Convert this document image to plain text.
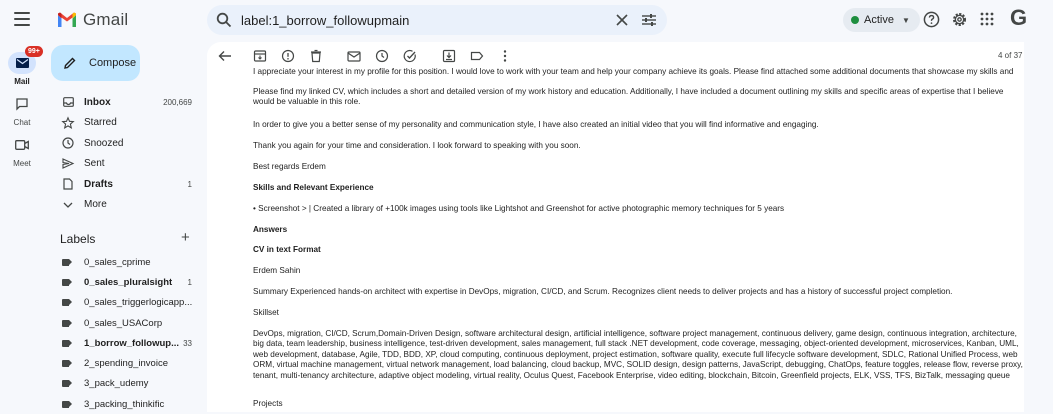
Gmail
label:1_borrow_followupmain	Active ▼	G
99+
Mail
Chat
Meet
Compose
Inbox	200,669
Starred
Snoozed
Sent
Drafts	1
More
Labels	+
0_sales_cprime
0_sales_pluralsight 1
0_sales_triggerlogicapp...
0_sales_USACorp
1_borrow_followup... 33
2_spending_invoice
3_pack_udemy
3_packing_thinkific
4 of 37

I appreciate your interest in my profile for this position. I would love to work with your team and help your company achieve its goals. Please find attached some additional documents that showcase my skills and

Please find my linked CV, which includes a short and detailed version of my work history and education. Additionally, I have included a document outlining my skills and specific areas of expertise that I believe would be valuable in this role.

In order to give you a better sense of my personality and communication style, I have also created an initial video that you will find informative and engaging.

Thank you again for your time and consideration. I look forward to speaking with you soon.

Best regards Erdem

Skills and Relevant Experience

• Screenshot > | Created a library of +100k images using tools like Lightshot and Greenshot for active photographic memory techniques for 5 years

Answers

CV in text Format

Erdem Sahin

Summary Experienced hands-on architect with expertise in DevOps, migration, CI/CD, and Scrum. Recognizes client needs to deliver projects and has a history of successful project completion.

Skillset

DevOps, migration, CI/CD, Scrum,Domain-Driven Design, software architectural design, artificial intelligence, software project management, continuous delivery, game design, continuous integration, architecture, big data, team leadership, business intelligence, test-driven development, sales management, full stack .NET development, code coverage, messaging, object-oriented development, microservices, Kanban, UML, web development, database, Agile, TDD, BDD, XP, cloud computing, continuous deployment, project estimation, software quality, execute full lifecycle software development, SDLC, Rational Unified Process, web ORM, virtual machine management, virtual network management, load balancing, cloud backup, MVC, SOLID design, design patterns, JavaScript, debugging, ChatOps, feature toggles, release flow, reverse proxy, tenant, multi-tenancy architecture, adaptive object modeling, virtual reality, Oculus Quest, Facebook Enterprise, video editing, blockchain, Bitcoin, Greenfield projects, ELK, VSS, TFS, BizTalk, messaging queue

Projects
